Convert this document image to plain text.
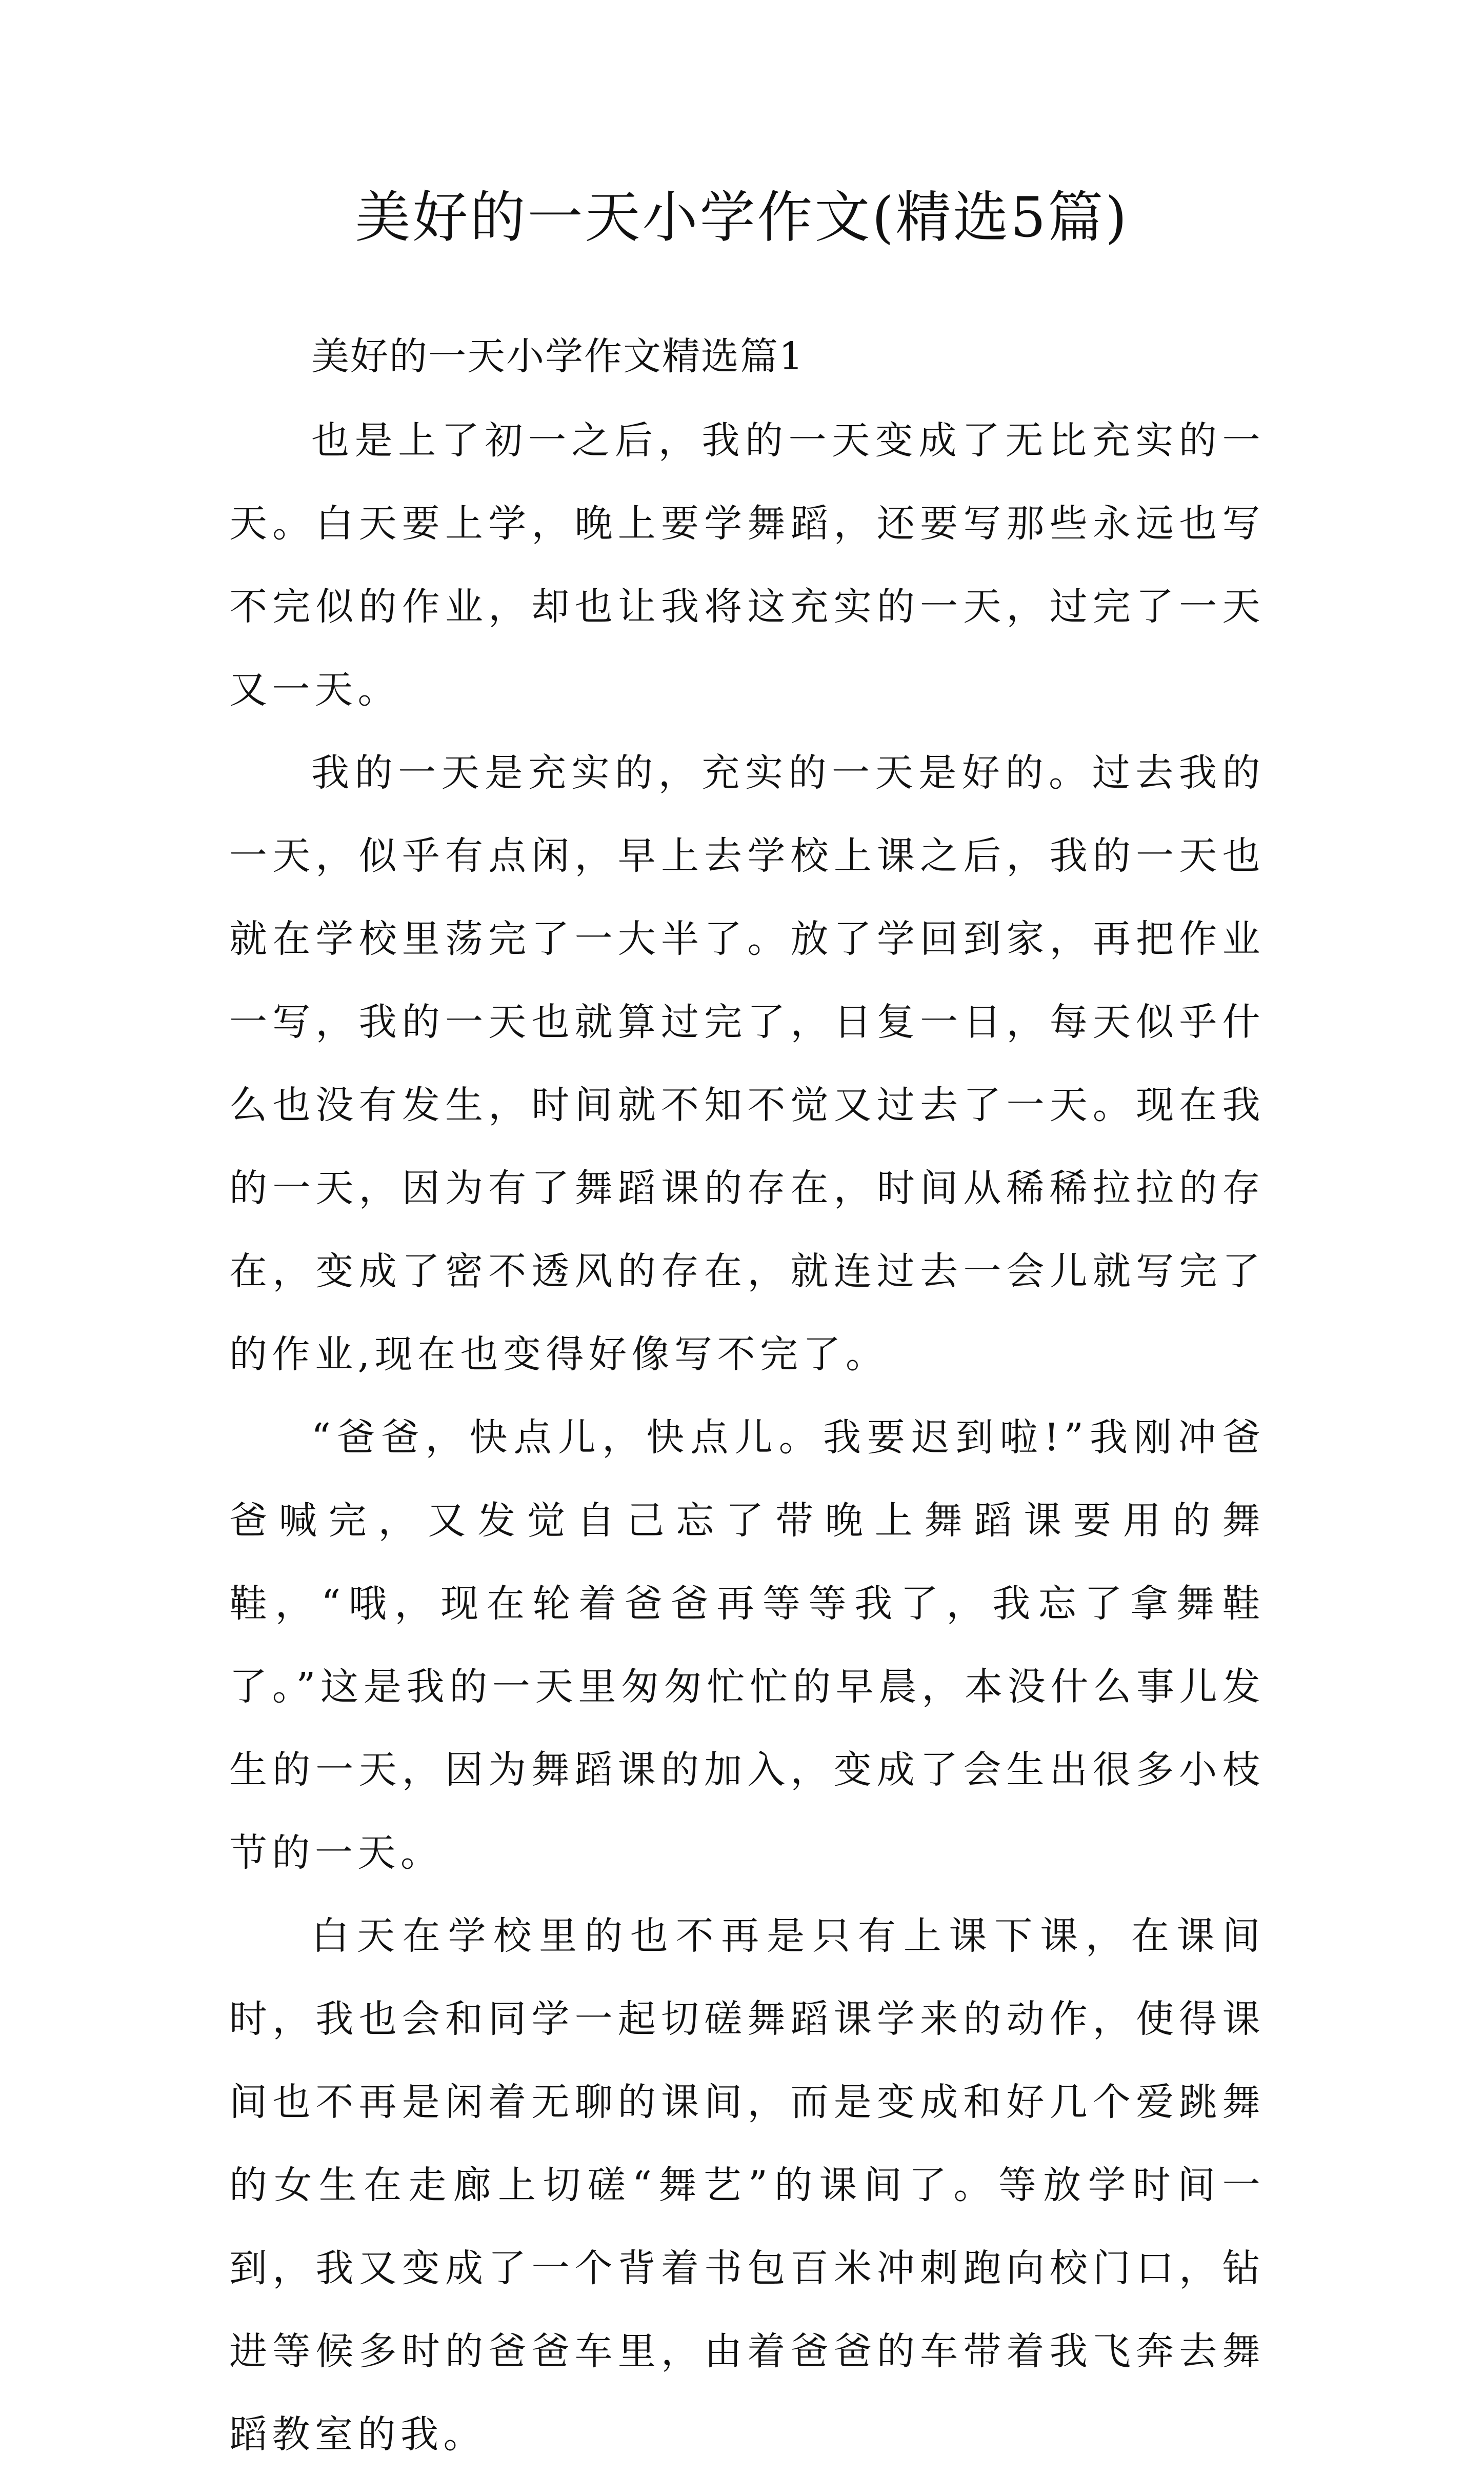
美好的一天小学作文(精选5篇)

美好的一天小学作文精选篇1

也是上了初一之后，我的一天变成了无比充实的一天。白天要上学，晚上要学舞蹈，还要写那些永远也写不完似的作业，却也让我将这充实的一天，过完了一天又一天。

我的一天是充实的，充实的一天是好的。过去我的一天，似乎有点闲，早上去学校上课之后，我的一天也就在学校里荡完了一大半了。放了学回到家，再把作业一写，我的一天也就算过完了，日复一日，每天似乎什么也没有发生，时间就不知不觉又过去了一天。现在我的一天，因为有了舞蹈课的存在，时间从稀稀拉拉的存在，变成了密不透风的存在，就连过去一会儿就写完了的作业,现在也变得好像写不完了。

“爸爸，快点儿，快点儿。我要迟到啦!”我刚冲爸爸喊完，又发觉自己忘了带晚上舞蹈课要用的舞鞋，“哦，现在轮着爸爸再等等我了，我忘了拿舞鞋了。”这是我的一天里匆匆忙忙的早晨，本没什么事儿发生的一天，因为舞蹈课的加入，变成了会生出很多小枝节的一天。

白天在学校里的也不再是只有上课下课，在课间时，我也会和同学一起切磋舞蹈课学来的动作，使得课间也不再是闲着无聊的课间，而是变成和好几个爱跳舞的女生在走廊上切磋“舞艺”的课间了。等放学时间一到，我又变成了一个背着书包百米冲刺跑向校门口，钻进等候多时的爸爸车里，由着爸爸的车带着我飞奔去舞蹈教室的我。
